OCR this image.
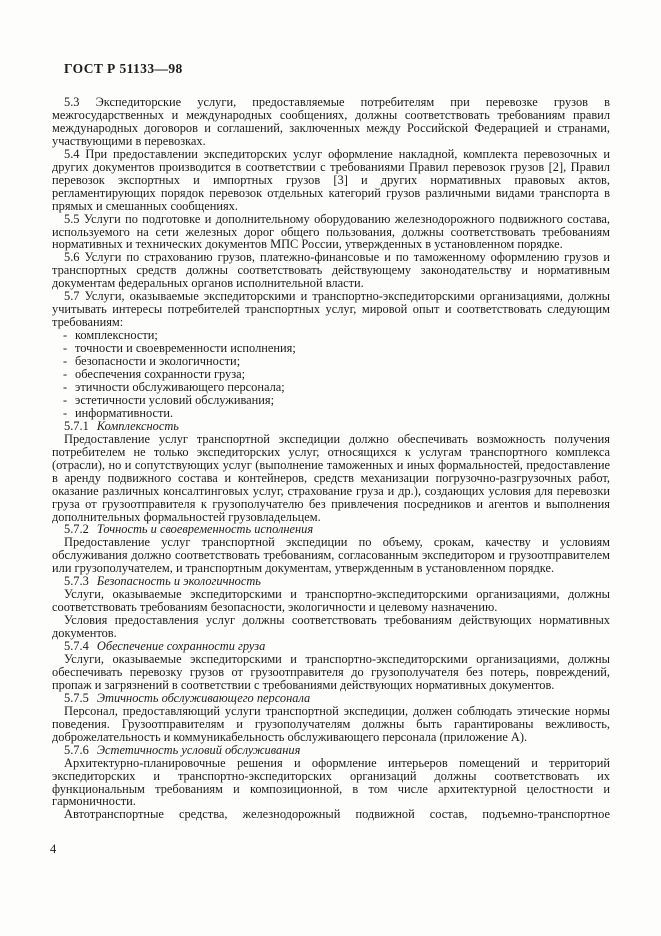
ГОСТ Р 51133—98

5.3 Экспедиторские услуги, предоставляемые потребителям при перевозке грузов в межгосударственных и международных сообщениях, должны соответствовать требованиям правил международных договоров и соглашений, заключенных между Российской Федерацией и странами, участвующими в перевозках.

5.4 При предоставлении экспедиторских услуг оформление накладной, комплекта перевозочных и других документов производится в соответствии с требованиями Правил перевозок грузов [2], Правил перевозок экспортных и импортных грузов [3] и других нормативных правовых актов, регламентирующих порядок перевозок отдельных категорий грузов различными видами транспорта в прямых и смешанных сообщениях.

5.5 Услуги по подготовке и дополнительному оборудованию железнодорожного подвижного состава, используемого на сети железных дорог общего пользования, должны соответствовать требованиям нормативных и технических документов МПС России, утвержденных в установленном порядке.

5.6 Услуги по страхованию грузов, платежно-финансовые и по таможенному оформлению грузов и транспортных средств должны соответствовать действующему законодательству и нормативным документам федеральных органов исполнительной власти.

5.7 Услуги, оказываемые экспедиторскими и транспортно-экспедиторскими организациями, должны учитывать интересы потребителей транспортных услуг, мировой опыт и соответствовать следующим требованиям:

- комплексности;
- точности и своевременности исполнения;
- безопасности и экологичности;
- обеспечения сохранности груза;
- этичности обслуживающего персонала;
- эстетичности условий обслуживания;
- информативности.

5.7.1 Комплексность

Предоставление услуг транспортной экспедиции должно обеспечивать возможность получения потребителем не только экспедиторских услуг, относящихся к услугам транспортного комплекса (отрасли), но и сопутствующих услуг (выполнение таможенных и иных формальностей, предоставление в аренду подвижного состава и контейнеров, средств механизации погрузочно-разгрузочных работ, оказание различных консалтинговых услуг, страхование груза и др.), создающих условия для перевозки груза от грузоотправителя к грузополучателю без привлечения посредников и агентов и выполнения дополнительных формальностей грузовладельцем.

5.7.2 Точность и своевременность исполнения

Предоставление услуг транспортной экспедиции по объему, срокам, качеству и условиям обслуживания должно соответствовать требованиям, согласованным экспедитором и грузоотправителем или грузополучателем, и транспортным документам, утвержденным в установленном порядке.

5.7.3 Безопасность и экологичность

Услуги, оказываемые экспедиторскими и транспортно-экспедиторскими организациями, должны соответствовать требованиям безопасности, экологичности и целевому назначению.

Условия предоставления услуг должны соответствовать требованиям действующих нормативных документов.

5.7.4 Обеспечение сохранности груза

Услуги, оказываемые экспедиторскими и транспортно-экспедиторскими организациями, должны обеспечивать перевозку грузов от грузоотправителя до грузополучателя без потерь, повреждений, пропаж и загрязнений в соответствии с требованиями действующих нормативных документов.

5.7.5 Этичность обслуживающего персонала

Персонал, предоставляющий услуги транспортной экспедиции, должен соблюдать этические нормы поведения. Грузоотправителям и грузополучателям должны быть гарантированы вежливость, доброжелательность и коммуникабельность обслуживающего персонала (приложение А).

5.7.6 Эстетичность условий обслуживания

Архитектурно-планировочные решения и оформление интерьеров помещений и территорий экспедиторских и транспортно-экспедиторских организаций должны соответствовать их функциональным требованиям и композиционной, в том числе архитектурной целостности и гармоничности.

Автотранспортные средства, железнодорожный подвижной состав, подъемно-транспортное

4
